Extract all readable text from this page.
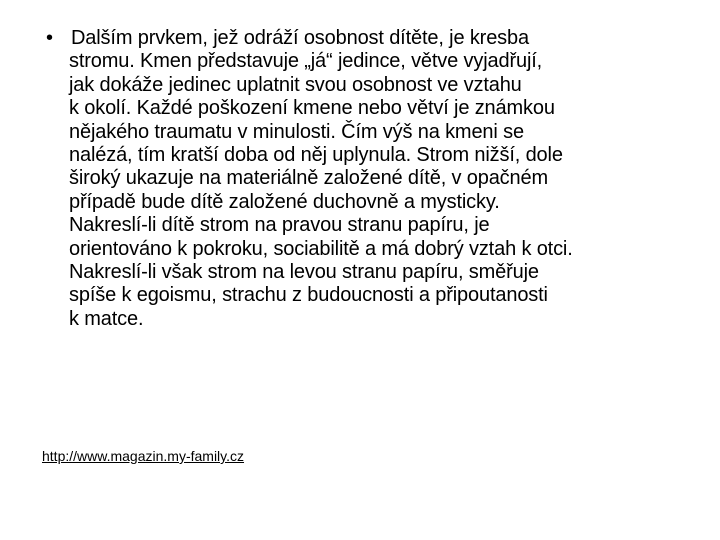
• Dalším prvkem, jež odráží osobnost dítěte, je kresba
stromu. Kmen představuje „já“ jedince, větve vyjadřují,
jak dokáže jedinec uplatnit svou osobnost ve vztahu
k okolí. Každé poškození kmene nebo větví je známkou
nějakého traumatu v minulosti. Čím výš na kmeni se
nalézá, tím kratší doba od něj uplynula. Strom nižší, dole
široký ukazuje na materiálně založené dítě, v opačném
případě bude dítě založené duchovně a mysticky.
Nakreslí-li dítě strom na pravou stranu papíru, je
orientováno k pokroku, sociabilitě a má dobrý vztah k otci.
Nakreslí-li však strom na levou stranu papíru, směřuje
spíše k egoismu, strachu z budoucnosti a připoutanosti
k matce.
http://www.magazin.my-family.cz
